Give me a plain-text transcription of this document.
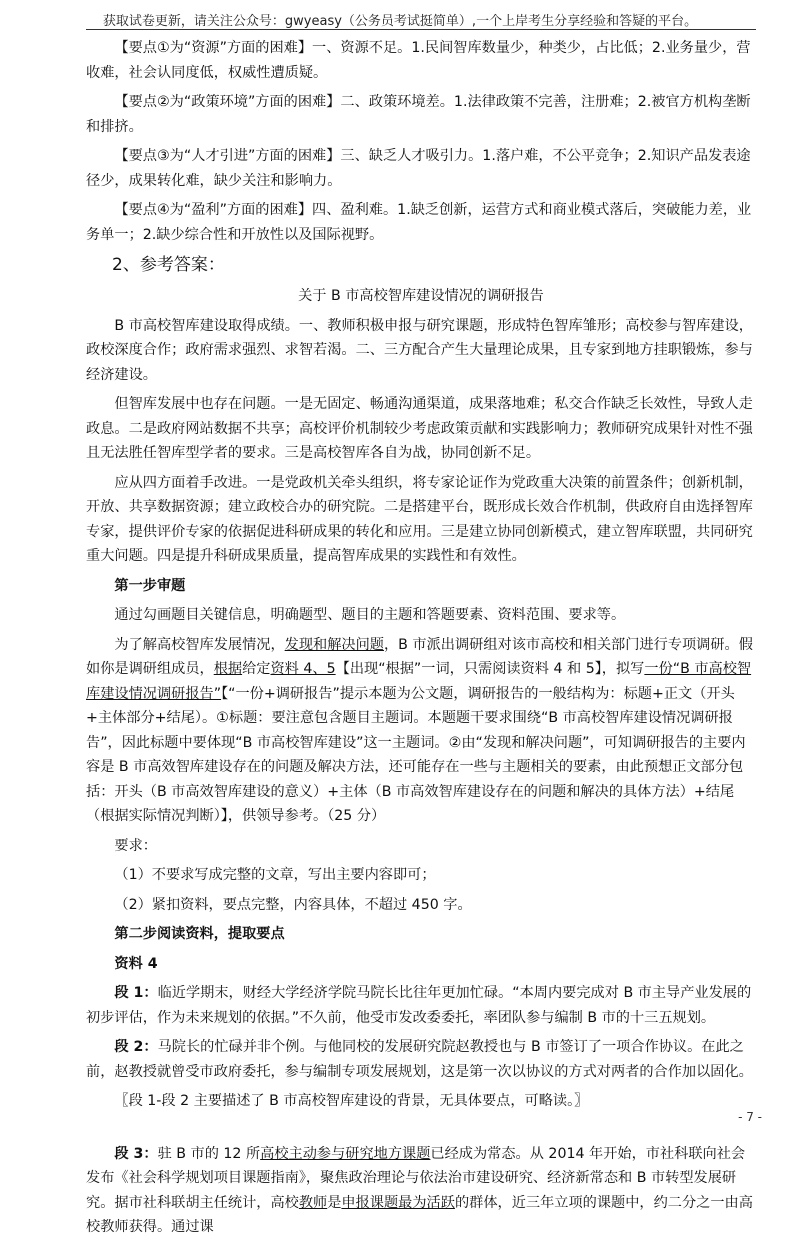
获取试卷更新，请关注公众号：gwyeasy（公务员考试挺简单）,一个上岸考生分享经验和答疑的平台。

【要点①为“资源”方面的困难】一、资源不足。1.民间智库数量少，种类少，占比低；2.业务量少，营收难，社会认同度低，权威性遭质疑。

【要点②为“政策环境”方面的困难】二、政策环境差。1.法律政策不完善，注册难；2.被官方机构垄断和排挤。

【要点③为“人才引进”方面的困难】三、缺乏人才吸引力。1.落户难，不公平竞争；2.知识产品发表途径少，成果转化难，缺少关注和影响力。

【要点④为“盈利”方面的困难】四、盈利难。1.缺乏创新，运营方式和商业模式落后，突破能力差，业务单一；2.缺少综合性和开放性以及国际视野。

2、参考答案：

关于 B 市高校智库建设情况的调研报告

B 市高校智库建设取得成绩。一、教师积极申报与研究课题，形成特色智库雏形；高校参与智库建设，政校深度合作；政府需求强烈、求智若渴。二、三方配合产生大量理论成果，且专家到地方挂职锻炼，参与经济建设。

但智库发展中也存在问题。一是无固定、畅通沟通渠道，成果落地难；私交合作缺乏长效性，导致人走政息。二是政府网站数据不共享；高校评价机制较少考虑政策贡献和实践影响力；教师研究成果针对性不强且无法胜任智库型学者的要求。三是高校智库各自为战，协同创新不足。

应从四方面着手改进。一是党政机关牵头组织，将专家论证作为党政重大决策的前置条件；创新机制，开放、共享数据资源；建立政校合办的研究院。二是搭建平台，既形成长效合作机制，供政府自由选择智库专家，提供评价专家的依据促进科研成果的转化和应用。三是建立协同创新模式，建立智库联盟，共同研究重大问题。四是提升科研成果质量，提高智库成果的实践性和有效性。

第一步审题

通过勾画题目关键信息，明确题型、题目的主题和答题要素、资料范围、要求等。

为了解高校智库发展情况，发现和解决问题，B 市派出调研组对该市高校和相关部门进行专项调研。假如你是调研组成员，根据给定资料 4、5【出现“根据”一词，只需阅读资料 4 和 5】，拟写一份“B 市高校智库建设情况调研报告”【“一份+调研报告”提示本题为公文题，调研报告的一般结构为：标题+正文（开头+主体部分+结尾）。①标题：要注意包含题目主题词。本题题干要求围绕“B 市高校智库建设情况调研报告”，因此标题中要体现“B 市高校智库建设”这一主题词。②由“发现和解决问题”，可知调研报告的主要内容是 B 市高效智库建设存在的问题及解决方法，还可能存在一些与主题相关的要素，由此预想正文部分包括：开头（B 市高效智库建设的意义）+主体（B 市高效智库建设存在的问题和解决的具体方法）+结尾（根据实际情况判断）】，供领导参考。（25 分）

要求：

（1）不要求写成完整的文章，写出主要内容即可；

（2）紧扣资料，要点完整，内容具体，不超过 450 字。

第二步阅读资料，提取要点

资料 4

段 1：临近学期末，财经大学经济学院马院长比往年更加忙碌。“本周内要完成对 B 市主导产业发展的初步评估，作为未来规划的依据。”不久前，他受市发改委委托，率团队参与编制 B 市的十三五规划。

段 2：马院长的忙碌并非个例。与他同校的发展研究院赵教授也与 B 市签订了一项合作协议。在此之前，赵教授就曾受市政府委托，参与编制专项发展规划，这是第一次以协议的方式对两者的合作加以固化。

〖段 1-段 2 主要描述了 B 市高校智库建设的背景，无具体要点，可略读。〗

段 3：驻 B 市的 12 所高校主动参与研究地方课题已经成为常态。从 2014 年开始，市社科联向社会发布《社会科学规划项目课题指南》，聚焦政治理论与依法治市建设研究、经济新常态和 B 市转型发展研究。据市社科联胡主任统计，高校教师是申报课题最为活跃的群体，近三年立项的课题中，约二分之一由高校教师获得。通过课

- 7 -
